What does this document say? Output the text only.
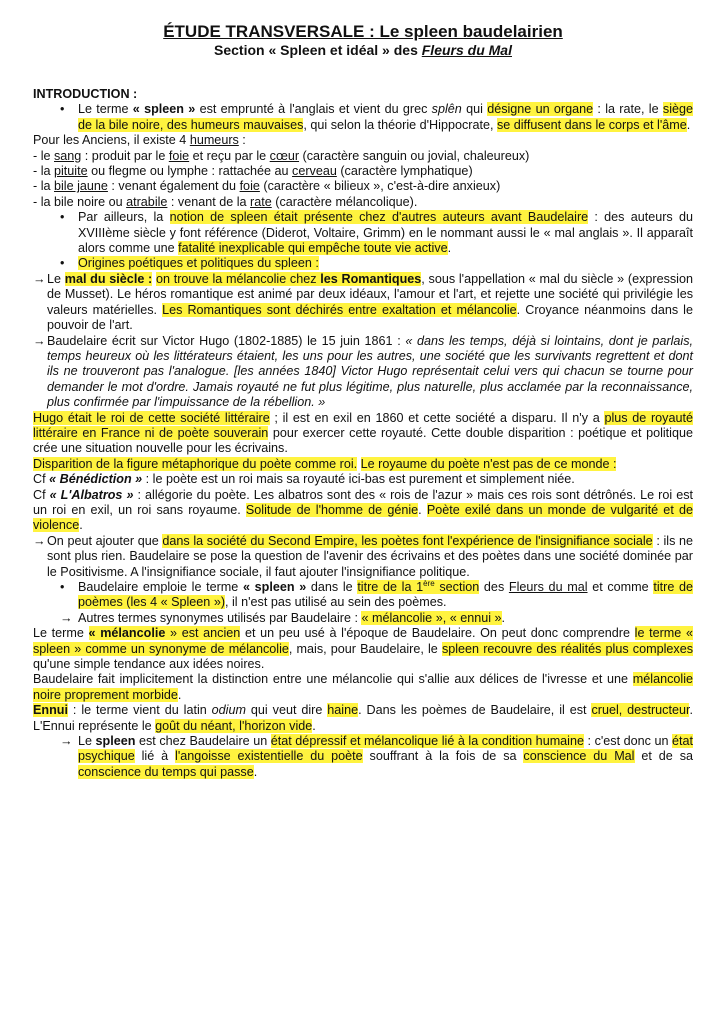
ÉTUDE TRANSVERSALE : Le spleen baudelairien

Section « Spleen et idéal » des Fleurs du Mal

INTRODUCTION :

• Le terme « spleen » est emprunté à l'anglais et vient du grec splên qui désigne un organe : la rate, le siège de la bile noire, des humeurs mauvaises, qui selon la théorie d'Hippocrate, se diffusent dans le corps et l'âme.

Pour les Anciens, il existe 4 humeurs :

- le sang : produit par le foie et reçu par le cœur (caractère sanguin ou jovial, chaleureux)

- la pituite ou flegme ou lymphe : rattachée au cerveau (caractère lymphatique)

- la bile jaune : venant également du foie (caractère « bilieux », c'est-à-dire anxieux)

- la bile noire ou atrabile : venant de la rate (caractère mélancolique).

• Par ailleurs, la notion de spleen était présente chez d'autres auteurs avant Baudelaire : des auteurs du XVIIIème siècle y font référence (Diderot, Voltaire, Grimm) en le nommant aussi le « mal anglais ». Il apparaît alors comme une fatalité inexplicable qui empêche toute vie active.

• Origines poétiques et politiques du spleen :

→ Le mal du siècle : on trouve la mélancolie chez les Romantiques, sous l'appellation « mal du siècle » (expression de Musset). Le héros romantique est animé par deux idéaux, l'amour et l'art, et rejette une société qui privilégie les valeurs matérielles. Les Romantiques sont déchirés entre exaltation et mélancolie. Croyance néanmoins dans le pouvoir de l'art.

→ Baudelaire écrit sur Victor Hugo (1802-1885) le 15 juin 1861 : « dans les temps, déjà si lointains, dont je parlais, temps heureux où les littérateurs étaient, les uns pour les autres, une société que les survivants regrettent et dont ils ne trouveront pas l'analogue. [les années 1840] Victor Hugo représentait celui vers qui chacun se tourne pour demander le mot d'ordre. Jamais royauté ne fut plus légitime, plus naturelle, plus acclamée par la reconnaissance, plus confirmée par l'impuissance de la rébellion. »

Hugo était le roi de cette société littéraire ; il est en exil en 1860 et cette société a disparu. Il n'y a plus de royauté littéraire en France ni de poète souverain pour exercer cette royauté. Cette double disparition : poétique et politique crée une situation nouvelle pour les écrivains.

Disparition de la figure métaphorique du poète comme roi. Le royaume du poète n'est pas de ce monde :

Cf « Bénédiction » : le poète est un roi mais sa royauté ici-bas est purement et simplement niée.

Cf « L'Albatros » : allégorie du poète. Les albatros sont des « rois de l'azur » mais ces rois sont détrônés. Le roi est un roi en exil, un roi sans royaume. Solitude de l'homme de génie. Poète exilé dans un monde de vulgarité et de violence.

→ On peut ajouter que dans la société du Second Empire, les poètes font l'expérience de l'insignifiance sociale : ils ne sont plus rien. Baudelaire se pose la question de l'avenir des écrivains et des poètes dans une société dominée par le Positivisme. A l'insignifiance sociale, il faut ajouter l'insignifiance politique.

• Baudelaire emploie le terme « spleen » dans le titre de la 1ère section des Fleurs du mal et comme titre de poèmes (les 4 « Spleen »), il n'est pas utilisé au sein des poèmes.

→ Autres termes synonymes utilisés par Baudelaire : « mélancolie », « ennui ».

Le terme « mélancolie » est ancien et un peu usé à l'époque de Baudelaire. On peut donc comprendre le terme « spleen » comme un synonyme de mélancolie, mais, pour Baudelaire, le spleen recouvre des réalités plus complexes qu'une simple tendance aux idées noires.

Baudelaire fait implicitement la distinction entre une mélancolie qui s'allie aux délices de l'ivresse et une mélancolie noire proprement morbide.

Ennui : le terme vient du latin odium qui veut dire haine. Dans les poèmes de Baudelaire, il est cruel, destructeur. L'Ennui représente le goût du néant, l'horizon vide.

→ Le spleen est chez Baudelaire un état dépressif et mélancolique lié à la condition humaine : c'est donc un état psychique lié à l'angoisse existentielle du poète souffrant à la fois de sa conscience du Mal et de sa conscience du temps qui passe.
